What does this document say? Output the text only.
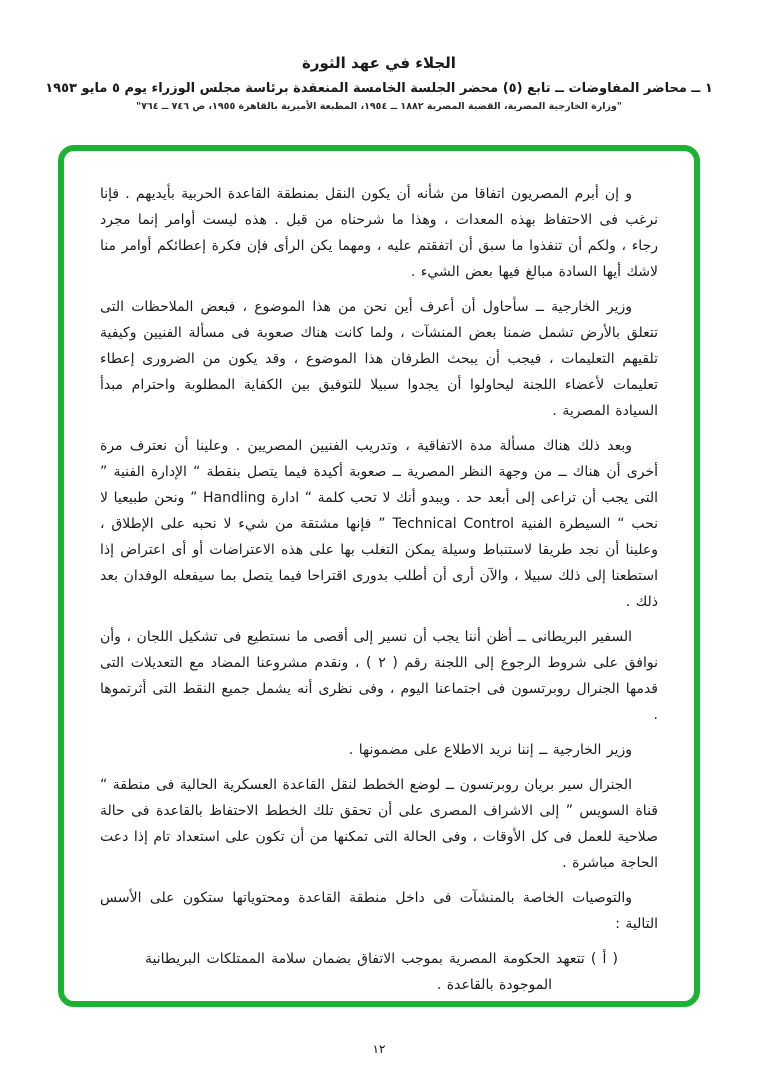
الجلاء في عهد الثورة
١ ــ محاضر المفاوضات ــ تابع (٥) محضر الجلسة الخامسة المنعقدة برئاسة مجلس الوزراء يوم ٥ مايو ١٩٥٣
"وزارة الخارجية المصرية، القضية المصرية ١٨٨٢ ــ ١٩٥٤، المطبعة الأميرية بالقاهرة ١٩٥٥، ص ٧٤٦ ــ ٧٦٤"

و إن أبرم المصريون اتفاقا من شأنه أن يكون النقل بمنطقة القاعدة الحربية بأيديهم . فإنا نرغب فى الاحتفاظ بهذه المعدات ، وهذا ما شرحناه من قبل . هذه ليست أوامر إنما مجرد رجاء ، ولكم أن تنفذوا ما سبق أن اتفقتم عليه ، ومهما يكن الرأى فإن فكرة إعطائكم أوامر منا لاشك أيها السادة مبالغ فيها بعض الشيء .

وزير الخارجية ــ سأحاول أن أعرف أين نحن من هذا الموضوع ، فبعض الملاحظات التى تتعلق بالأرض تشمل ضمنا بعض المنشآت ، ولما كانت هناك صعوبة فى مسألة الفنيين وكيفية تلقيهم التعليمات ، فيجب أن يبحث الطرفان هذا الموضوع ، وقد يكون من الضرورى إعطاء تعليمات لأعضاء اللجنة ليحاولوا أن يجدوا سبيلا للتوفيق بين الكفاية المطلوبة واحترام مبدأ السيادة المصرية .

وبعد ذلك هناك مسألة مدة الاتفاقية ، وتدريب الفنيين المصريين . وعلينا أن نعترف مرة أخرى أن هناك ــ من وجهة النظر المصرية ــ صعوبة أكيدة فيما يتصل بنقطة “ الإدارة الفنية ” التى يجب أن تراعى إلى أبعد حد . ويبدو أنك لا تحب كلمة “ ادارة Handling ” ونحن طبيعيا لا نحب “ السيطرة الفنية Technical Control ” فإنها مشتقة من شيء لا نحبه على الإطلاق ، وعلينا أن نجد طريقا لاستنباط وسيلة يمكن التغلب بها على هذه الاعتراضات أو أى اعتراض إذا استطعنا إلى ذلك سبيلا ، والآن أرى أن أطلب بدورى اقتراحا فيما يتصل بما سيفعله الوفدان بعد ذلك .

السفير البريطانى ــ أظن أننا يجب أن نسير إلى أقصى ما نستطيع فى تشكيل اللجان ، وأن نوافق على شروط الرجوع إلى اللجنة رقم ( ٢ ) ، ونقدم مشروعنا المضاد مع التعديلات التى قدمها الجنرال روبرتسون فى اجتماعنا اليوم ، وفى نظرى أنه يشمل جميع النقط التى أثرتموها .

وزير الخارجية ــ إننا نريد الاطلاع على مضمونها .

الجنرال سير بريان روبرتسون ــ لوضع الخطط لنقل القاعدة العسكرية الحالية فى منطقة “ قناة السويس ” إلى الاشراف المصرى على أن تحقق تلك الخطط الاحتفاظ بالقاعدة فى حالة صلاحية للعمل فى كل الأوقات ، وفى الحالة التى تمكنها من أن تكون على استعداد تام إذا دعت الحاجة مباشرة .

والتوصيات الخاصة بالمنشآت فى داخل منطقة القاعدة ومحتوياتها ستكون على الأسس التالية :

( أ ) تتعهد الحكومة المصرية بموجب الاتفاق بضمان سلامة الممتلكات البريطانية الموجودة بالقاعدة .

١٢
